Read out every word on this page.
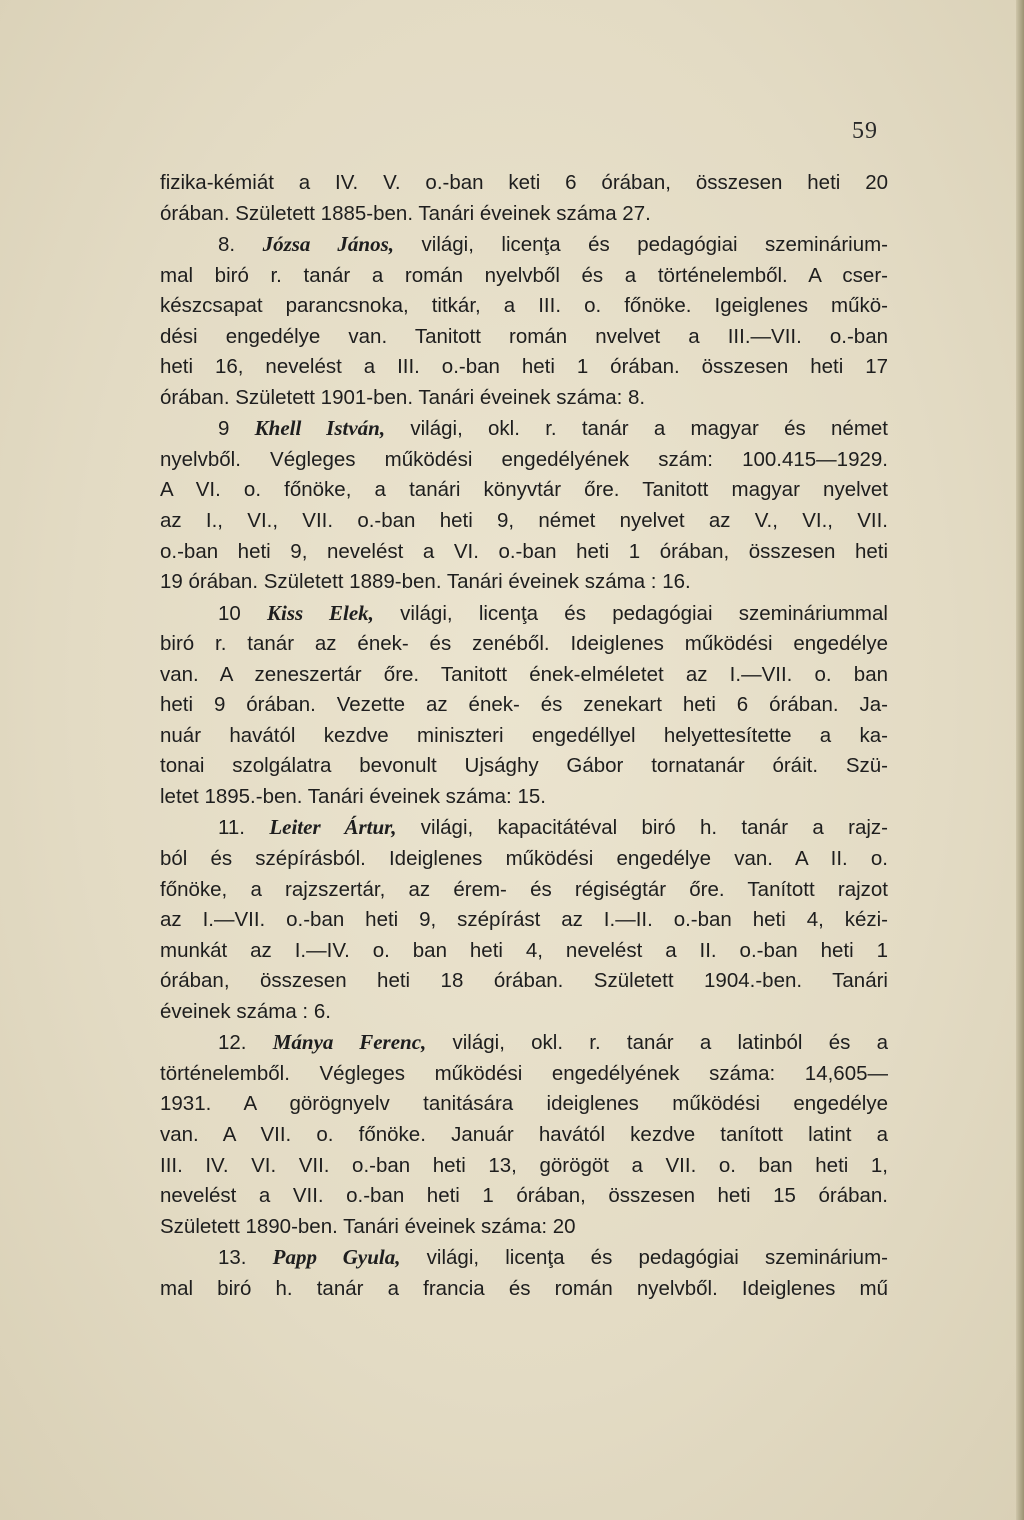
59
fizika-kémiát a IV. V. o.-ban keti 6 órában, összesen heti 20
órában. Született 1885-ben. Tanári éveinek száma 27.
8. Józsa János, világi, licenţa és pedagógiai szeminárium-
mal biró r. tanár a román nyelvből és a történelemből. A cser-
készcsapat parancsnoka, titkár, a III. o. főnöke. Igeiglenes műkö-
dési engedélye van. Tanitott román nvelvet a III.—VII. o.-ban
heti 16, nevelést a III. o.-ban heti 1 órában. összesen heti 17
órában. Született 1901-ben. Tanári éveinek száma: 8.
9 Khell István, világi, okl. r. tanár a magyar és német
nyelvből. Végleges működési engedélyének szám: 100.415—1929.
A VI. o. főnöke, a tanári könyvtár őre. Tanitott magyar nyelvet
az I., VI., VII. o.-ban heti 9, német nyelvet az V., VI., VII.
o.-ban heti 9, nevelést a VI. o.-ban heti 1 órában, összesen heti
19 órában. Született 1889-ben. Tanári éveinek száma : 16.
10 Kiss Elek, világi, licenţa és pedagógiai szemináriummal
biró r. tanár az ének- és zenéből. Ideiglenes működési engedélye
van. A zeneszertár őre. Tanitott ének-elméletet az I.—VII. o. ban
heti 9 órában. Vezette az ének- és zenekart heti 6 órában. Ja-
nuár havától kezdve miniszteri engedéllyel helyettesítette a ka-
tonai szolgálatra bevonult Ujsághy Gábor tornatanár óráit. Szü-
letet 1895.-ben. Tanári éveinek száma: 15.
11. Leiter Ártur, világi, kapacitátéval biró h. tanár a rajz-
ból és szépírásból. Ideiglenes működési engedélye van. A II. o.
főnöke, a rajzszertár, az érem- és régiségtár őre. Tanított rajzot
az I.—VII. o.-ban heti 9, szépírást az I.—II. o.-ban heti 4, kézi-
munkát az I.—IV. o. ban heti 4, nevelést a II. o.-ban heti 1
órában, összesen heti 18 órában. Született 1904.-ben. Tanári
éveinek száma : 6.
12. Mánya Ferenc, világi, okl. r. tanár a latinból és a
történelemből. Végleges működési engedélyének száma: 14,605—
1931. A görögnyelv tanitására ideiglenes működési engedélye
van. A VII. o. főnöke. Január havától kezdve tanított latint a
III. IV. VI. VII. o.-ban heti 13, görögöt a VII. o. ban heti 1,
nevelést a VII. o.-ban heti 1 órában, összesen heti 15 órában.
Született 1890-ben. Tanári éveinek száma: 20
13. Papp Gyula, világi, licenţa és pedagógiai szeminárium-
mal biró h. tanár a francia és román nyelvből. Ideiglenes mű
